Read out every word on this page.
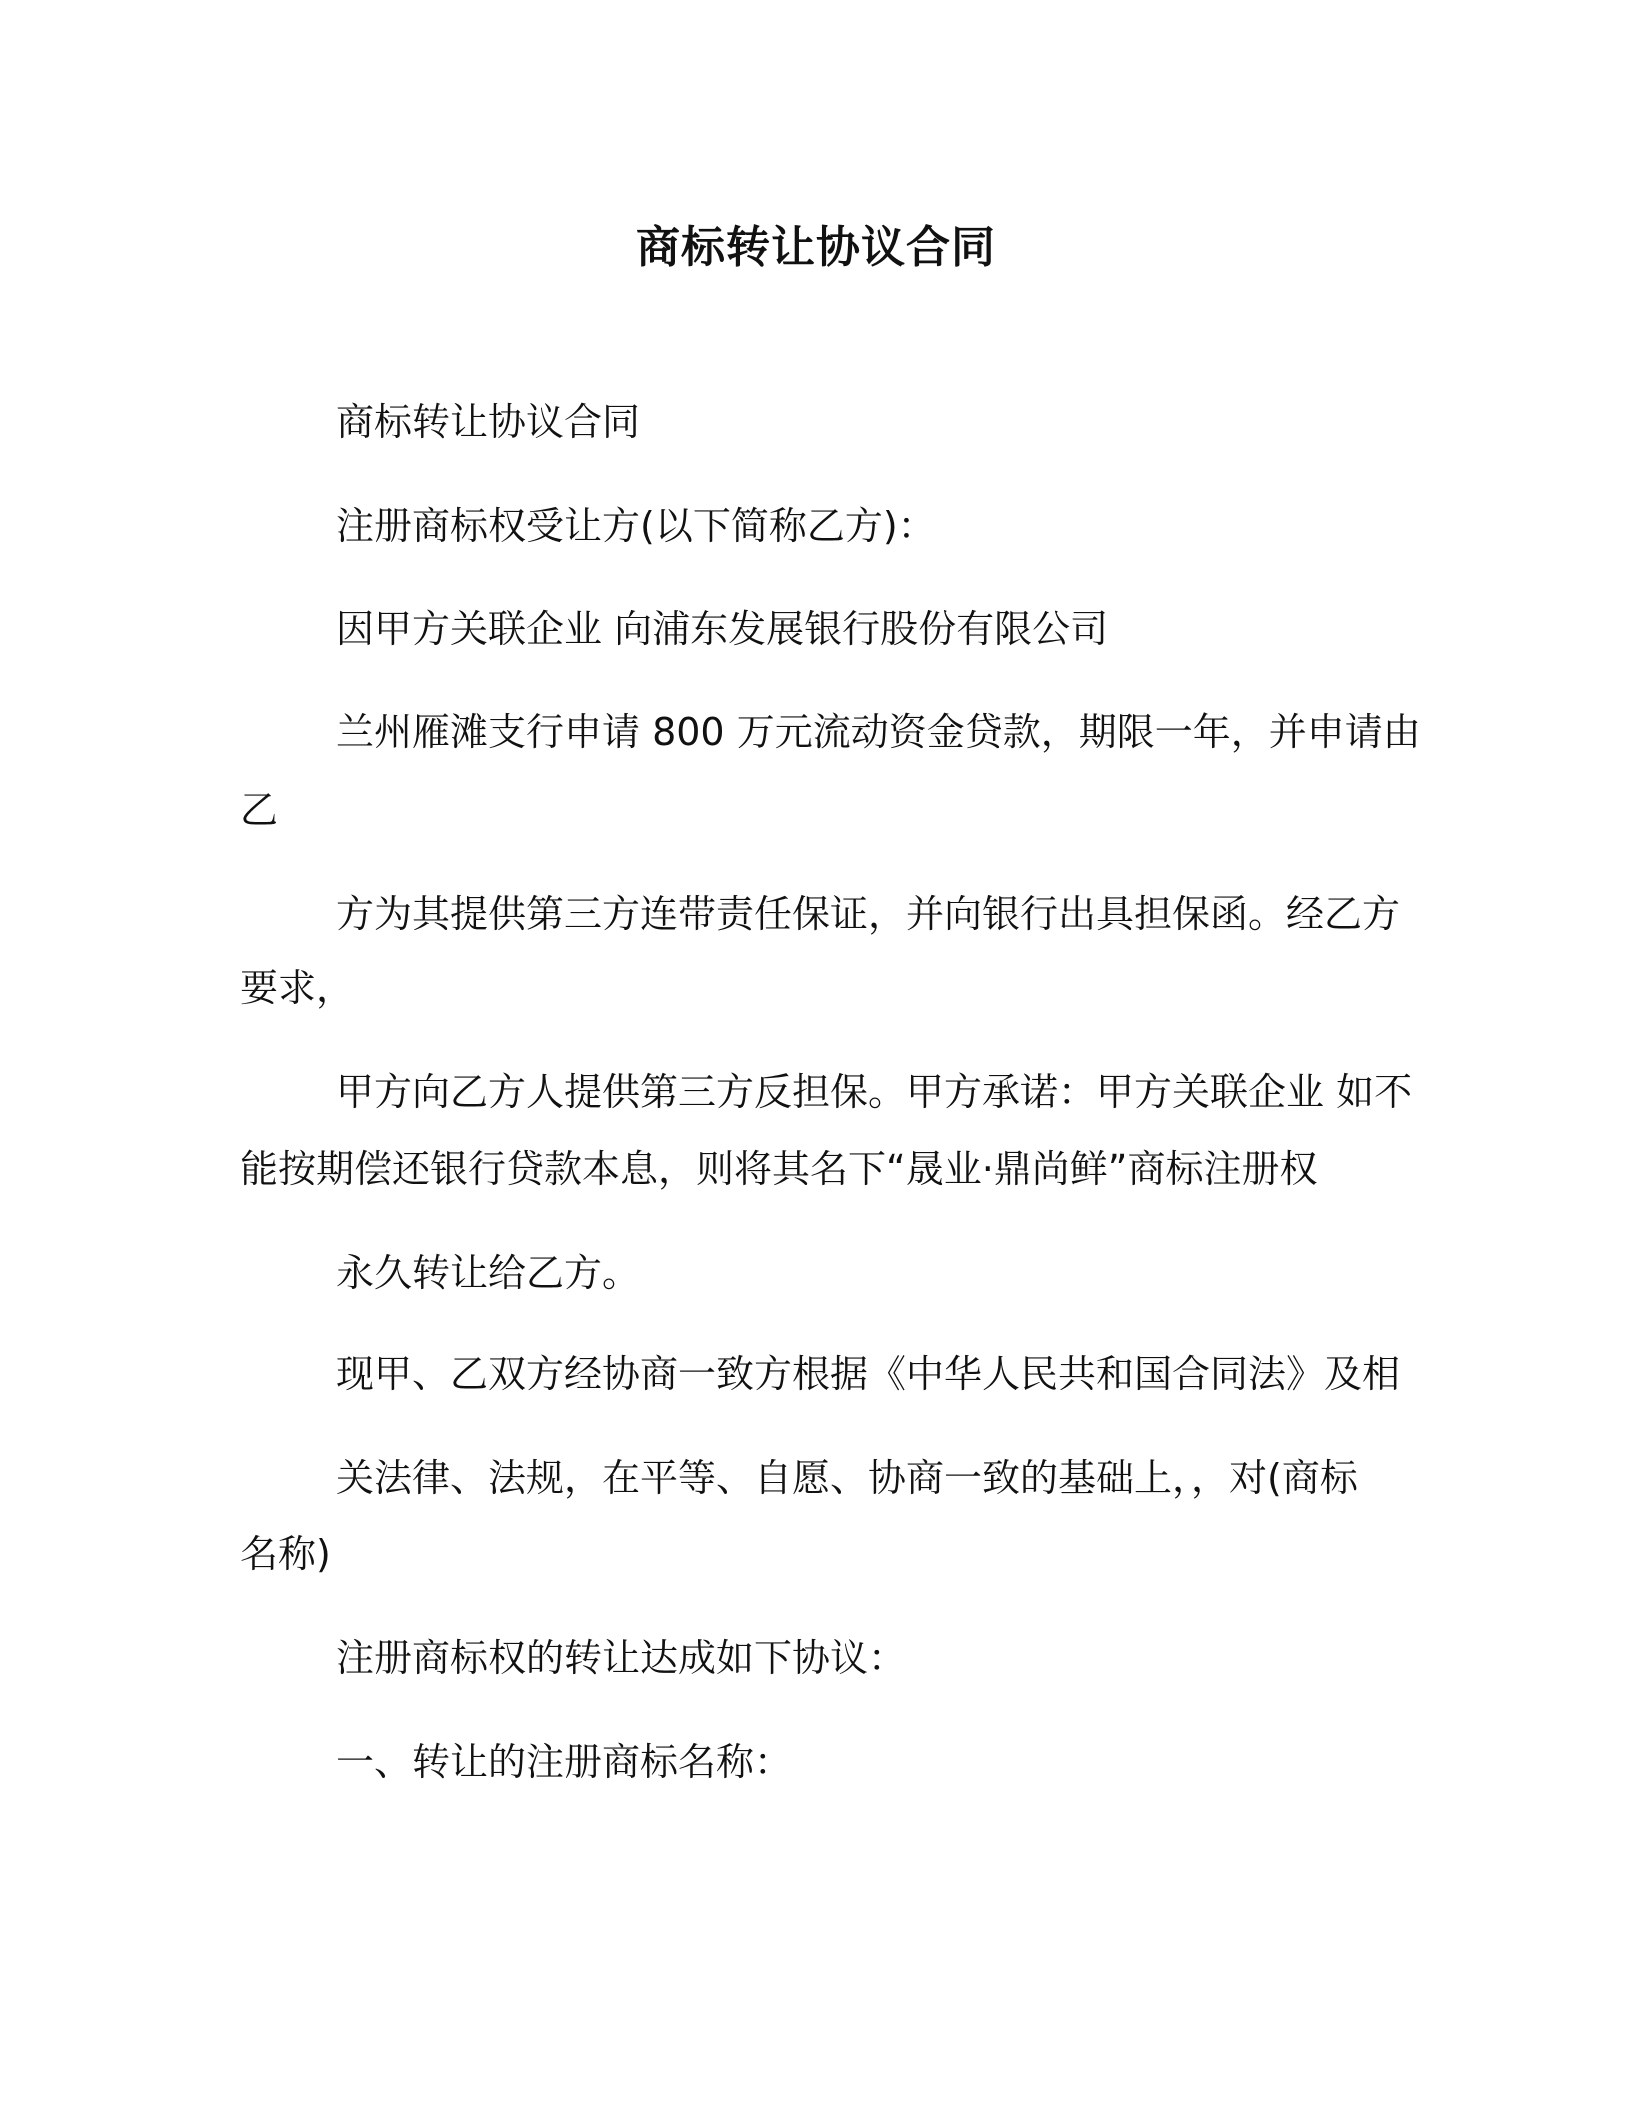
商标转让协议合同

商标转让协议合同

注册商标权受让方(以下简称乙方)：

因甲方关联企业 向浦东发展银行股份有限公司

兰州雁滩支行申请 800 万元流动资金贷款，期限一年，并申请由

乙

方为其提供第三方连带责任保证，并向银行出具担保函。经乙方

要求，

甲方向乙方人提供第三方反担保。甲方承诺：甲方关联企业 如不

能按期偿还银行贷款本息，则将其名下“晟业·鼎尚鲜”商标注册权

永久转让给乙方。

现甲、乙双方经协商一致方根据《中华人民共和国合同法》及相

关法律、法规，在平等、自愿、协商一致的基础上，，对(商标

名称)

注册商标权的转让达成如下协议：

一、转让的注册商标名称：
